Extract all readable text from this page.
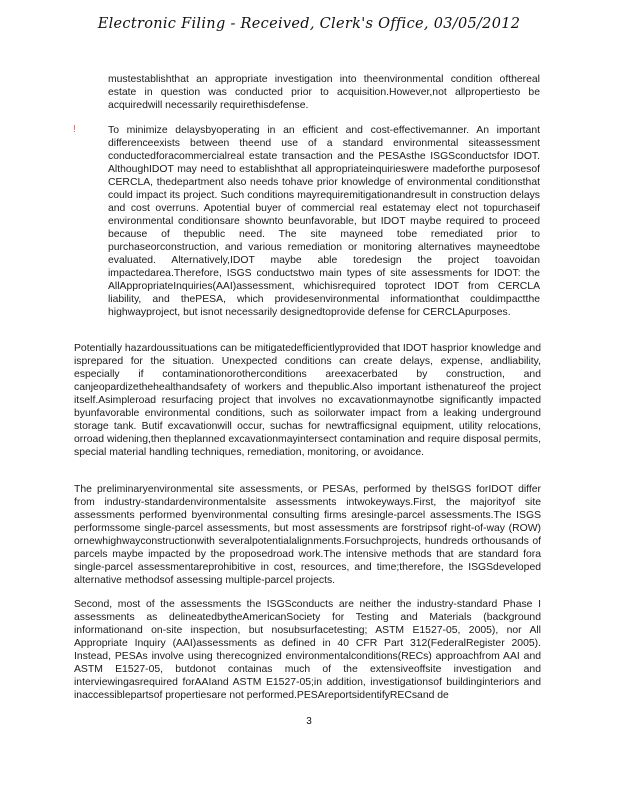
Electronic Filing - Received, Clerk's Office, 03/05/2012

mustestablishthat an appropriate investigation into theenvironmental condition ofthereal estate in question was conducted prior to acquisition.However,not allpropertiesto be acquiredwill necessarily requirethisdefense.

!	To minimize delaysbyoperating in an efficient and cost-effectivemanner. An important differenceexists between theend use of a standard environmental siteassessment conductedforacommercialreal estate transaction and the PESAsthe ISGSconductsfor IDOT. AlthoughIDOT may need to establishthat all appropriateinquirieswere madeforthe purposesof CERCLA, thedepartment also needs tohave prior knowledge of environmental conditionsthat could impact its project. Such conditions mayrequiremitigationandresult in construction delays and cost overruns. Apotential buyer of commercial real estatemay elect not topurchaseif environmental conditionsare shownto beunfavorable, but IDOT maybe required to proceed because of thepublic need. The site mayneed tobe remediated prior to purchaseorconstruction, and various remediation or monitoring alternatives mayneedtobe evaluated. Alternatively,IDOT maybe able toredesign the project toavoidan impactedarea.Therefore, ISGS conductstwo main types of site assessments for IDOT: the AllAppropriateInquiries(AAI)assessment, whichisrequired toprotect IDOT from CERCLA liability, and thePESA, which providesenvironmental informationthat couldimpactthe highwayproject, but isnot necessarily designedtoprovide defense for CERCLApurposes.

Potentially hazardoussituations can be mitigatedefficientlyprovided that IDOT hasprior knowledge and isprepared for the situation. Unexpected conditions can create delays, expense, andliability, especially if contaminationorotherconditions areexacerbated by construction, and canjeopardizethehealthandsafety of workers and thepublic.Also important isthenatureof the project itself.Asimpleroad resurfacing project that involves no excavationmaynotbe significantly impacted byunfavorable environmental conditions, such as soilorwater impact from a leaking underground storage tank. Butif excavationwill occur, suchas for newtrafficsignal equipment, utility relocations, orroad widening,then theplanned excavationmayintersect contamination and require disposal permits, special material handling techniques, remediation, monitoring, or avoidance.

The preliminaryenvironmental site assessments, or PESAs, performed by theISGS forIDOT differ from industry-standardenvironmentalsite assessments intwokeyways.First, the majorityof site assessments performed byenvironmental consulting firms aresingle-parcel assessments.The ISGS performssome single-parcel assessments, but most assessments are forstripsof right-of-way (ROW) ornewhighwayconstructionwith severalpotentialalignments.Forsuchprojects, hundreds orthousands of parcels maybe impacted by the proposedroad work.The intensive methods that are standard fora single-parcel assessmentareprohibitive in cost, resources, and time;therefore, the ISGSdeveloped alternative methodsof assessing multiple-parcel projects.

Second, most of the assessments the ISGSconducts are neither the industry-standard Phase I assessments as delineatedbytheAmericanSociety for Testing and Materials (background informationand on-site inspection, but nosubsurfacetesting; ASTM E1527-05, 2005), nor All Appropriate Inquiry (AAI)assessments as defined in 40 CFR Part 312(FederalRegister 2005). Instead, PESAs involve using therecognized environmentalconditions(RECs) approachfrom AAI and ASTM E1527-05, butdonot containas much of the extensiveoffsite investigation and interviewingasrequired forAAIand ASTM E1527-05;in addition, investigationsof buildinginteriors and inaccessiblepartsof propertiesare not performed.PESAreportsidentifyRECsand de

3
